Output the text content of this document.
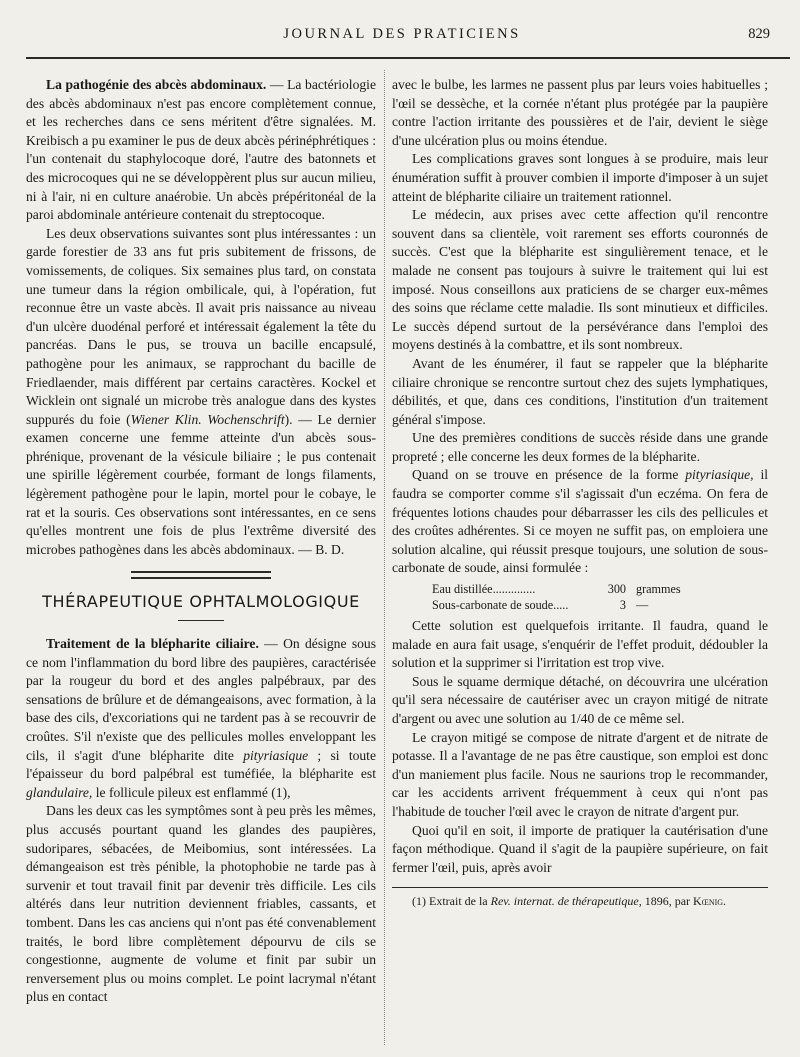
JOURNAL DES PRATICIENS	829

La pathogénie des abcès abdominaux. — La bactériologie des abcès abdominaux n'est pas encore complètement connue, et les recherches dans ce sens méritent d'être signalées. M. Kreibisch a pu examiner le pus de deux abcès périnéphrétiques : l'un contenait du staphylocoque doré, l'autre des batonnets et des microcoques qui ne se développèrent plus sur aucun milieu, ni à l'air, ni en culture anaérobie. Un abcès prépéritonéal de la paroi abdominale antérieure contenait du streptocoque.

Les deux observations suivantes sont plus intéressantes : un garde forestier de 33 ans fut pris subitement de frissons, de vomissements, de coliques. Six semaines plus tard, on constata une tumeur dans la région ombilicale, qui, à l'opération, fut reconnue être un vaste abcès. Il avait pris naissance au niveau d'un ulcère duodénal perforé et intéressait également la tête du pancréas. Dans le pus, se trouva un bacille encapsulé, pathogène pour les animaux, se rapprochant du bacille de Friedlaender, mais différent par certains caractères. Kockel et Wicklein ont signalé un microbe très analogue dans des kystes suppurés du foie (Wiener Klin. Wochenschrift). — Le dernier examen concerne une femme atteinte d'un abcès sous-phrénique, provenant de la vésicule biliaire ; le pus contenait une spirille légèrement courbée, formant de longs filaments, légèrement pathogène pour le lapin, mortel pour le cobaye, le rat et la souris. Ces observations sont intéressantes, en ce sens qu'elles montrent une fois de plus l'extrême diversité des microbes pathogènes dans les abcès abdominaux. — B. D.

THÉRAPEUTIQUE OPHTALMOLOGIQUE

Traitement de la blépharite ciliaire. — On désigne sous ce nom l'inflammation du bord libre des paupières, caractérisée par la rougeur du bord et des angles palpébraux, par des sensations de brûlure et de démangeaisons, avec formation, à la base des cils, d'excoriations qui ne tardent pas à se recouvrir de croûtes. S'il n'existe que des pellicules molles enveloppant les cils, il s'agit d'une blépharite dite pityriasique ; si toute l'épaisseur du bord palpébral est tuméfiée, la blépharite est glandulaire, le follicule pileux est enflammé (1),

Dans les deux cas les symptômes sont à peu près les mêmes, plus accusés pourtant quand les glandes des paupières, sudoripares, sébacées, de Meibomius, sont intéressées. La démangeaison est très pénible, la photophobie ne tarde pas à survenir et tout travail finit par devenir très difficile. Les cils altérés dans leur nutrition deviennent friables, cassants, et tombent. Dans les cas anciens qui n'ont pas été convenablement traités, le bord libre complètement dépourvu de cils se congestionne, augmente de volume et finit par subir un renversement plus ou moins complet. Le point lacrymal n'étant plus en contact

avec le bulbe, les larmes ne passent plus par leurs voies habituelles ; l'œil se dessèche, et la cornée n'étant plus protégée par la paupière contre l'action irritante des poussières et de l'air, devient le siège d'une ulcération plus ou moins étendue.

Les complications graves sont longues à se produire, mais leur énumération suffit à prouver combien il importe d'imposer à un sujet atteint de blépharite ciliaire un traitement rationnel.

Le médecin, aux prises avec cette affection qu'il rencontre souvent dans sa clientèle, voit rarement ses efforts couronnés de succès. C'est que la blépharite est singulièrement tenace, et le malade ne consent pas toujours à suivre le traitement qui lui est imposé. Nous conseillons aux praticiens de se charger eux-mêmes des soins que réclame cette maladie. Ils sont minutieux et difficiles. Le succès dépend surtout de la persévérance dans l'emploi des moyens destinés à la combattre, et ils sont nombreux.

Avant de les énumérer, il faut se rappeler que la blépharite ciliaire chronique se rencontre surtout chez des sujets lymphatiques, débilités, et que, dans ces conditions, l'institution d'un traitement général s'impose.

Une des premières conditions de succès réside dans une grande propreté ; elle concerne les deux formes de la blépharite.

Quand on se trouve en présence de la forme pityriasique, il faudra se comporter comme s'il s'agissait d'un eczéma. On fera de fréquentes lotions chaudes pour débarrasser les cils des pellicules et des croûtes adhérentes. Si ce moyen ne suffit pas, on emploiera une solution alcaline, qui réussit presque toujours, une solution de sous-carbonate de soude, ainsi formulée :

Eau distillée..............	300 grammes
Sous-carbonate de soude.....	3 —

Cette solution est quelquefois irritante. Il faudra, quand le malade en aura fait usage, s'enquérir de l'effet produit, dédoubler la solution et la supprimer si l'irritation est trop vive.

Sous le squame dermique détaché, on découvrira une ulcération qu'il sera nécessaire de cautériser avec un crayon mitigé de nitrate d'argent ou avec une solution au 1/40 de ce même sel.

Le crayon mitigé se compose de nitrate d'argent et de nitrate de potasse. Il a l'avantage de ne pas être caustique, son emploi est donc d'un maniement plus facile. Nous ne saurions trop le recommander, car les accidents arrivent fréquemment à ceux qui n'ont pas l'habitude de toucher l'œil avec le crayon de nitrate d'argent pur.

Quoi qu'il en soit, il importe de pratiquer la cautérisation d'une façon méthodique. Quand il s'agit de la paupière supérieure, on fait fermer l'œil, puis, après avoir

(1) Extrait de la Rev. internat. de thérapeutique, 1896, par Kœnig.
